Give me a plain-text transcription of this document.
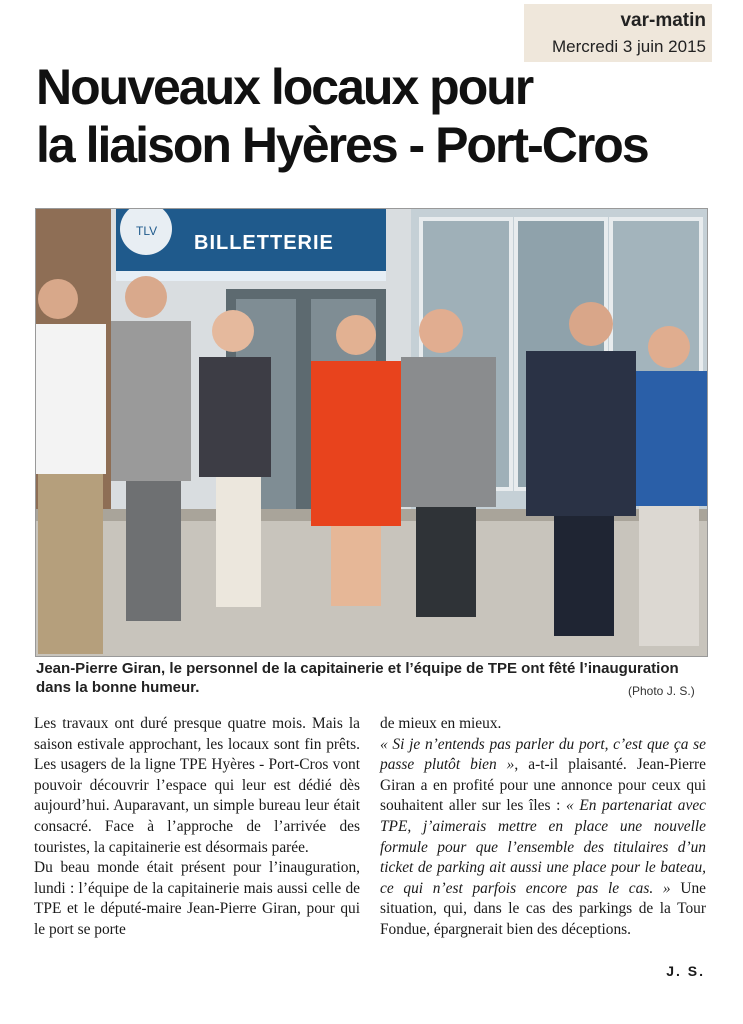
var-matin
Mercredi 3 juin 2015
Nouveaux locaux pour
la liaison Hyères - Port-Cros
TLV
BILLETTERIE

Jean-Pierre Giran, le personnel de la capitainerie et l’équipe de TPE ont fêté l’inauguration dans la bonne humeur.	(Photo J. S.)

Les travaux ont duré presque quatre mois. Mais la saison estivale approchant, les locaux sont fin prêts. Les usagers de la ligne TPE Hyères - Port-Cros vont pouvoir découvrir l’espace qui leur est dédié dès aujourd’hui. Auparavant, un simple bureau leur était consacré. Face à l’approche de l’arrivée des touristes, la capitainerie est désormais parée.

Du beau monde était présent pour l’inauguration, lundi : l’équipe de la capitainerie mais aussi celle de TPE et le député-maire Jean-Pierre Giran, pour qui le port se porte

de mieux en mieux.

« Si je n’entends pas parler du port, c’est que ça se passe plutôt bien », a-t-il plaisanté. Jean-Pierre Giran a en profité pour une annonce pour ceux qui souhaitent aller sur les îles : « En partenariat avec TPE, j’aimerais mettre en place une nouvelle formule pour que l’ensemble des titulaires d’un ticket de parking ait aussi une place pour le bateau, ce qui n’est parfois encore pas le cas. » Une situation, qui, dans le cas des parkings de la Tour Fondue, épargnerait bien des déceptions.

J. S.
